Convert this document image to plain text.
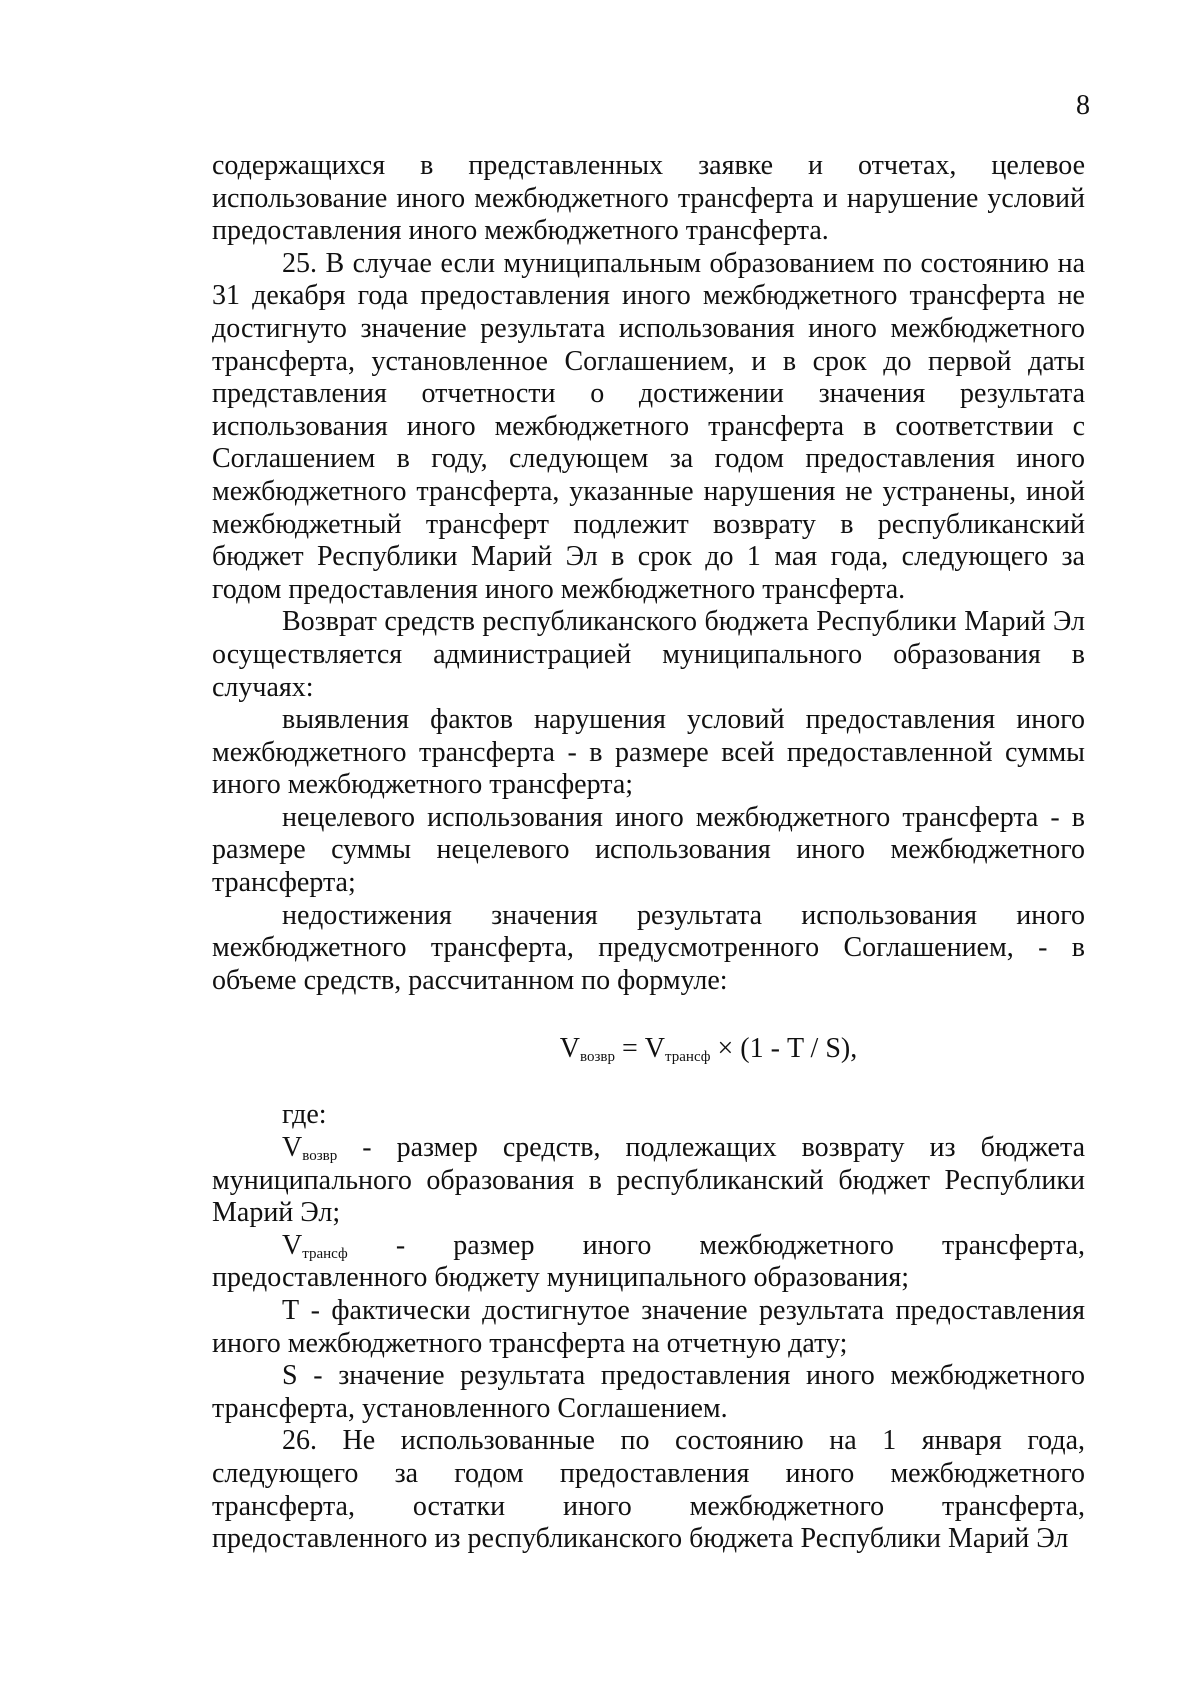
8

содержащихся в представленных заявке и отчетах, целевое использование иного межбюджетного трансферта и нарушение условий предоставления иного межбюджетного трансферта.

25. В случае если муниципальным образованием по состоянию на 31 декабря года предоставления иного межбюджетного трансферта не достигнуто значение результата использования иного межбюджетного трансферта, установленное Соглашением, и в срок до первой даты представления отчетности о достижении значения результата использования иного межбюджетного трансферта в соответствии с Соглашением в году, следующем за годом предоставления иного межбюджетного трансферта, указанные нарушения не устранены, иной межбюджетный трансферт подлежит возврату в республиканский бюджет Республики Марий Эл в срок до 1 мая года, следующего за годом предоставления иного межбюджетного трансферта.

Возврат средств республиканского бюджета Республики Марий Эл осуществляется администрацией муниципального образования в случаях:

выявления фактов нарушения условий предоставления иного межбюджетного трансферта - в размере всей предоставленной суммы иного межбюджетного трансферта;

нецелевого использования иного межбюджетного трансферта - в размере суммы нецелевого использования иного межбюджетного трансферта;

недостижения значения результата использования иного межбюджетного трансферта, предусмотренного Соглашением, - в объеме средств, рассчитанном по формуле:

$V_{возвр} = V_{трансф} \times (1 - T / S)$,

где:

$V_{возвр}$ - размер средств, подлежащих возврату из бюджета муниципального образования в республиканский бюджет Республики Марий Эл;

$V_{трансф}$ - размер иного межбюджетного трансферта, предоставленного бюджету муниципального образования;

Т - фактически достигнутое значение результата предоставления иного межбюджетного трансферта на отчетную дату;

S - значение результата предоставления иного межбюджетного трансферта, установленного Соглашением.

26. Не использованные по состоянию на 1 января года, следующего за годом предоставления иного межбюджетного трансферта, остатки иного межбюджетного трансферта, предоставленного из республиканского бюджета Республики Марий Эл
